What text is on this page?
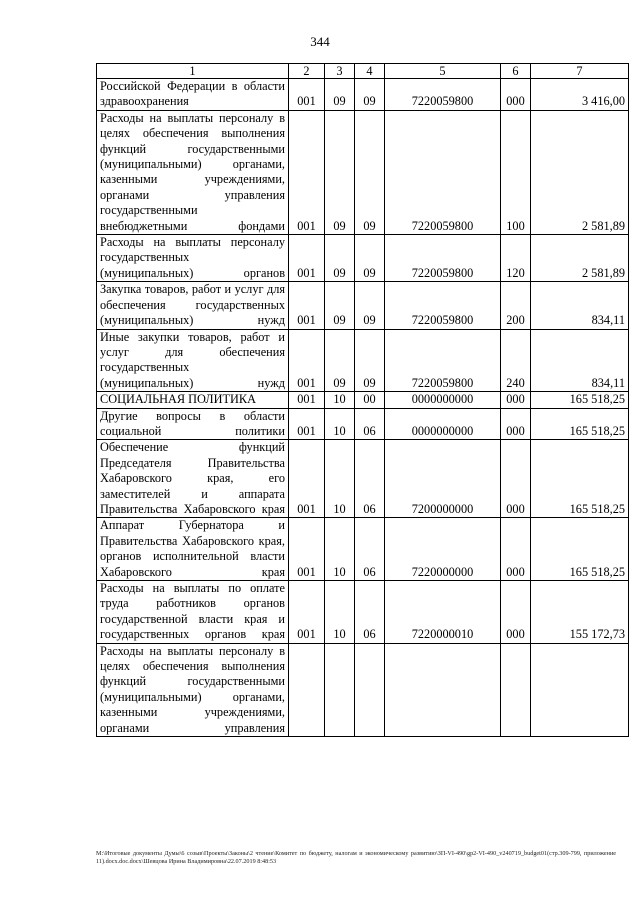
344
1	2	3	4	5	6	7
Российской Федерации в области здравоохранения	001	09	09	7220059800	000	3 416,00
Расходы на выплаты персоналу в целях обеспечения выполнения функций государственными (муниципальными) органами, казенными учреждениями, органами управления государственными внебюджетными фондами	001	09	09	7220059800	100	2 581,89
Расходы на выплаты персоналу государственных (муниципальных) органов	001	09	09	7220059800	120	2 581,89
Закупка товаров, работ и услуг для обеспечения государственных (муниципальных) нужд	001	09	09	7220059800	200	834,11
Иные закупки товаров, работ и услуг для обеспечения государственных (муниципальных) нужд	001	09	09	7220059800	240	834,11
СОЦИАЛЬНАЯ ПОЛИТИКА	001	10	00	0000000000	000	165 518,25
Другие вопросы в области социальной политики	001	10	06	0000000000	000	165 518,25
Обеспечение функций Председателя Правительства Хабаровского края, его заместителей и аппарата Правительства Хабаровского края	001	10	06	7200000000	000	165 518,25
Аппарат Губернатора и Правительства Хабаровского края, органов исполнительной власти Хабаровского края	001	10	06	7220000000	000	165 518,25
Расходы на выплаты по оплате труда работников органов государственной власти края и государственных органов края	001	10	06	7220000010	000	155 172,73
Расходы на выплаты персоналу в целях обеспечения выполнения функций государственными (муниципальными) органами, казенными учреждениями, органами управления						
M:\Итоговые документы Думы\6 созыв\Проекты\Законы\2 чтение\Комитет по бюджету, налогам и экономическому развитию\ЗП-VI-490\gp2-VI-490_v240719_budget01(стр.309-799, приложение 11).docx.doc.docx\Шевцова Ирина Владимировна\22.07.2019 8:48:53
